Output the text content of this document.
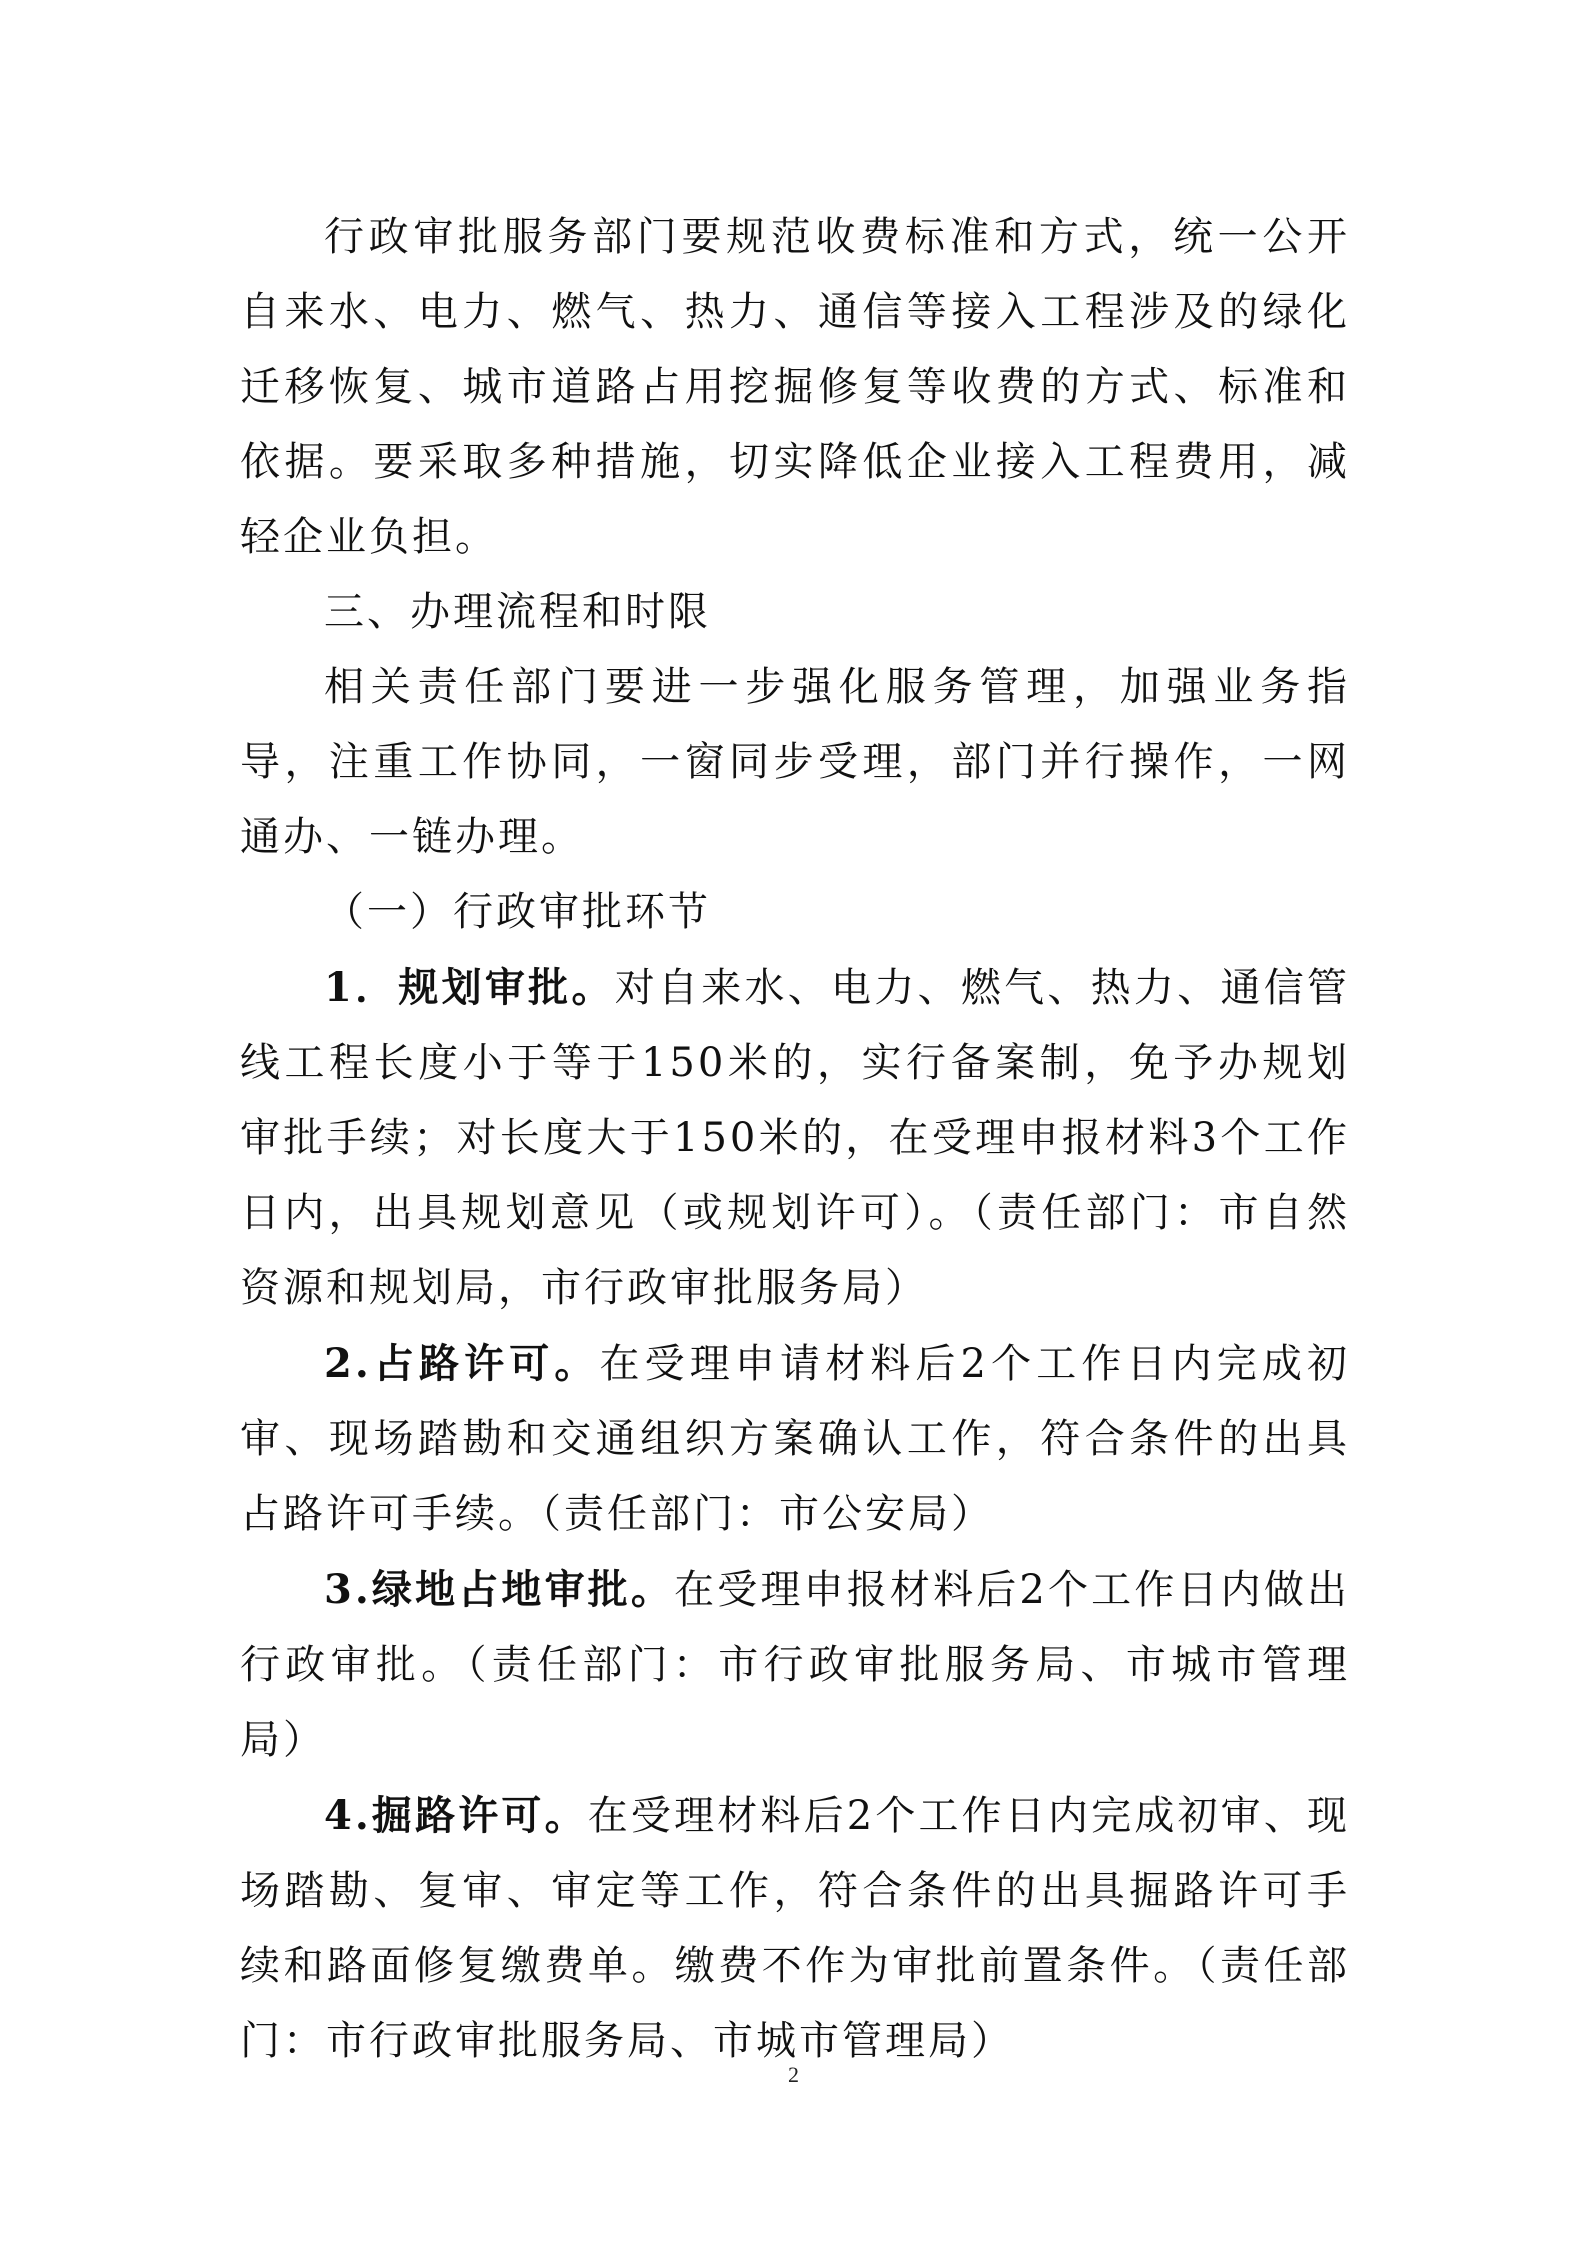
行政审批服务部门要规范收费标准和方式，统一公开自来水、电力、燃气、热力、通信等接入工程涉及的绿化迁移恢复、城市道路占用挖掘修复等收费的方式、标准和依据。要采取多种措施，切实降低企业接入工程费用，减轻企业负担。

三、办理流程和时限

相关责任部门要进一步强化服务管理，加强业务指导，注重工作协同，一窗同步受理，部门并行操作，一网通办、一链办理。

（一）行政审批环节

1．规划审批。对自来水、电力、燃气、热力、通信管线工程长度小于等于150米的，实行备案制，免予办规划审批手续；对长度大于150米的，在受理申报材料3个工作日内，出具规划意见（或规划许可）。（责任部门：市自然资源和规划局，市行政审批服务局）

2.占路许可。在受理申请材料后2个工作日内完成初审、现场踏勘和交通组织方案确认工作，符合条件的出具占路许可手续。（责任部门：市公安局）

3.绿地占地审批。在受理申报材料后2个工作日内做出行政审批。（责任部门：市行政审批服务局、市城市管理局）

4.掘路许可。在受理材料后2个工作日内完成初审、现场踏勘、复审、审定等工作，符合条件的出具掘路许可手续和路面修复缴费单。缴费不作为审批前置条件。（责任部门：市行政审批服务局、市城市管理局）

2
